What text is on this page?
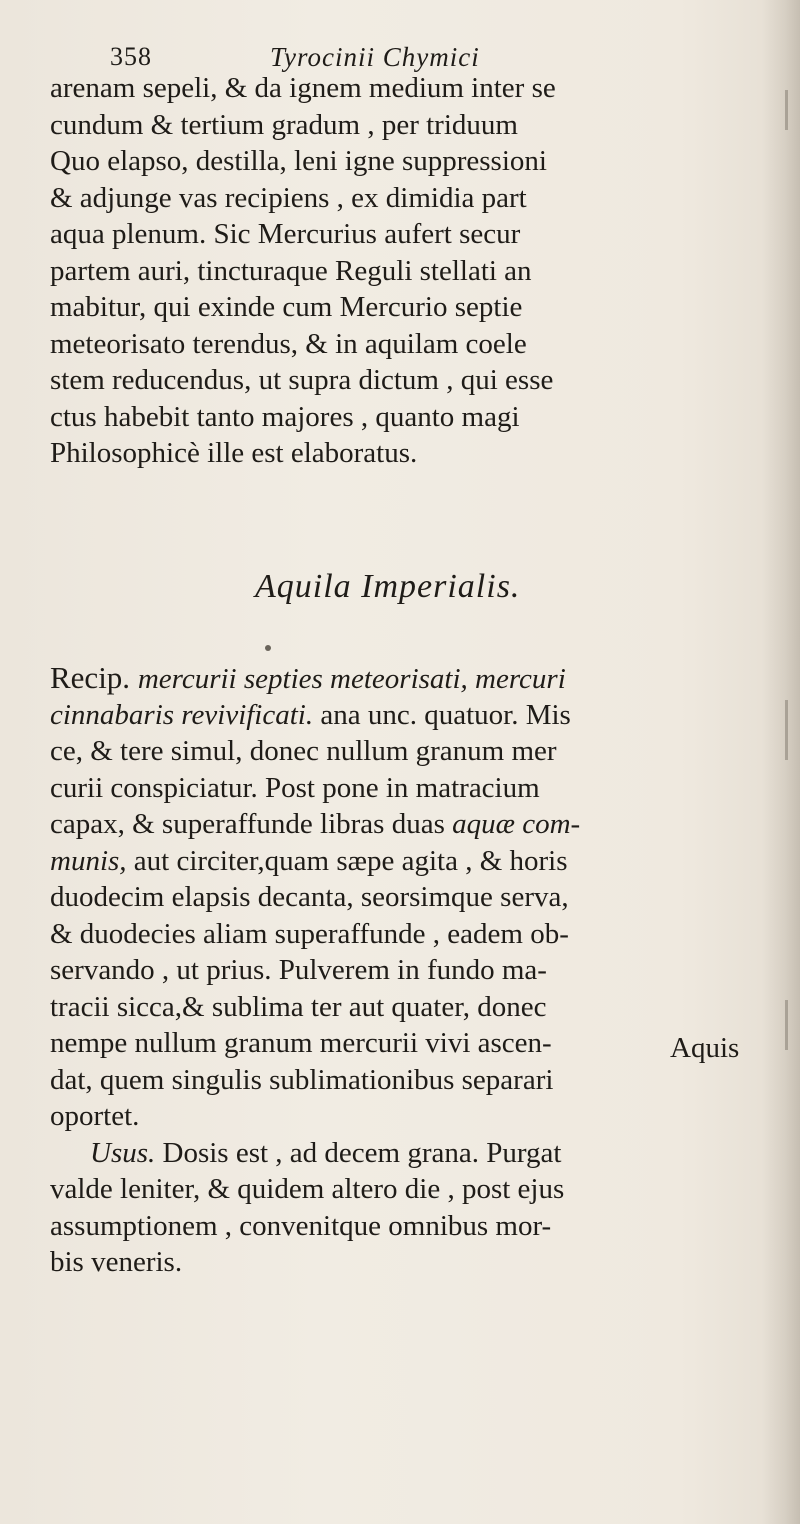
358	Tyrocinii Chymici
arenam sepeli, & da ignem medium inter se
cundum & tertium gradum , per triduum
Quo elapso, destilla, leni igne suppressioni
& adjunge vas recipiens , ex dimidia part
aqua plenum. Sic Mercurius aufert secur
partem auri, tincturaque Reguli stellati an
mabitur, qui exinde cum Mercurio septie
meteorisato terendus, & in aquilam coele
stem reducendus, ut supra dictum , qui esse
ctus habebit tanto majores , quanto magi
Philosophicè ille est elaboratus.
Aquila Imperialis.
Recip. mercurii septies meteorisati, mercuri
cinnabaris revivificati. ana unc. quatuor. Mis
ce, & tere simul, donec nullum granum mer
curii conspiciatur. Post pone in matracium
capax, & superaffunde libras duas aquæ com-
munis, aut circiter,quam sæpe agita , & horis
duodecim elapsis decanta, seorsimque serva,
& duodecies aliam superaffunde , eadem ob-
servando , ut prius. Pulverem in fundo ma-
tracii sicca,& sublima ter aut quater, donec
nempe nullum granum mercurii vivi ascen-
dat, quem singulis sublimationibus separari
oportet.
Usus. Dosis est , ad decem grana. Purgat
valde leniter, & quidem altero die , post ejus
assumptionem , convenitque omnibus mor-
bis veneris.
Aquis
